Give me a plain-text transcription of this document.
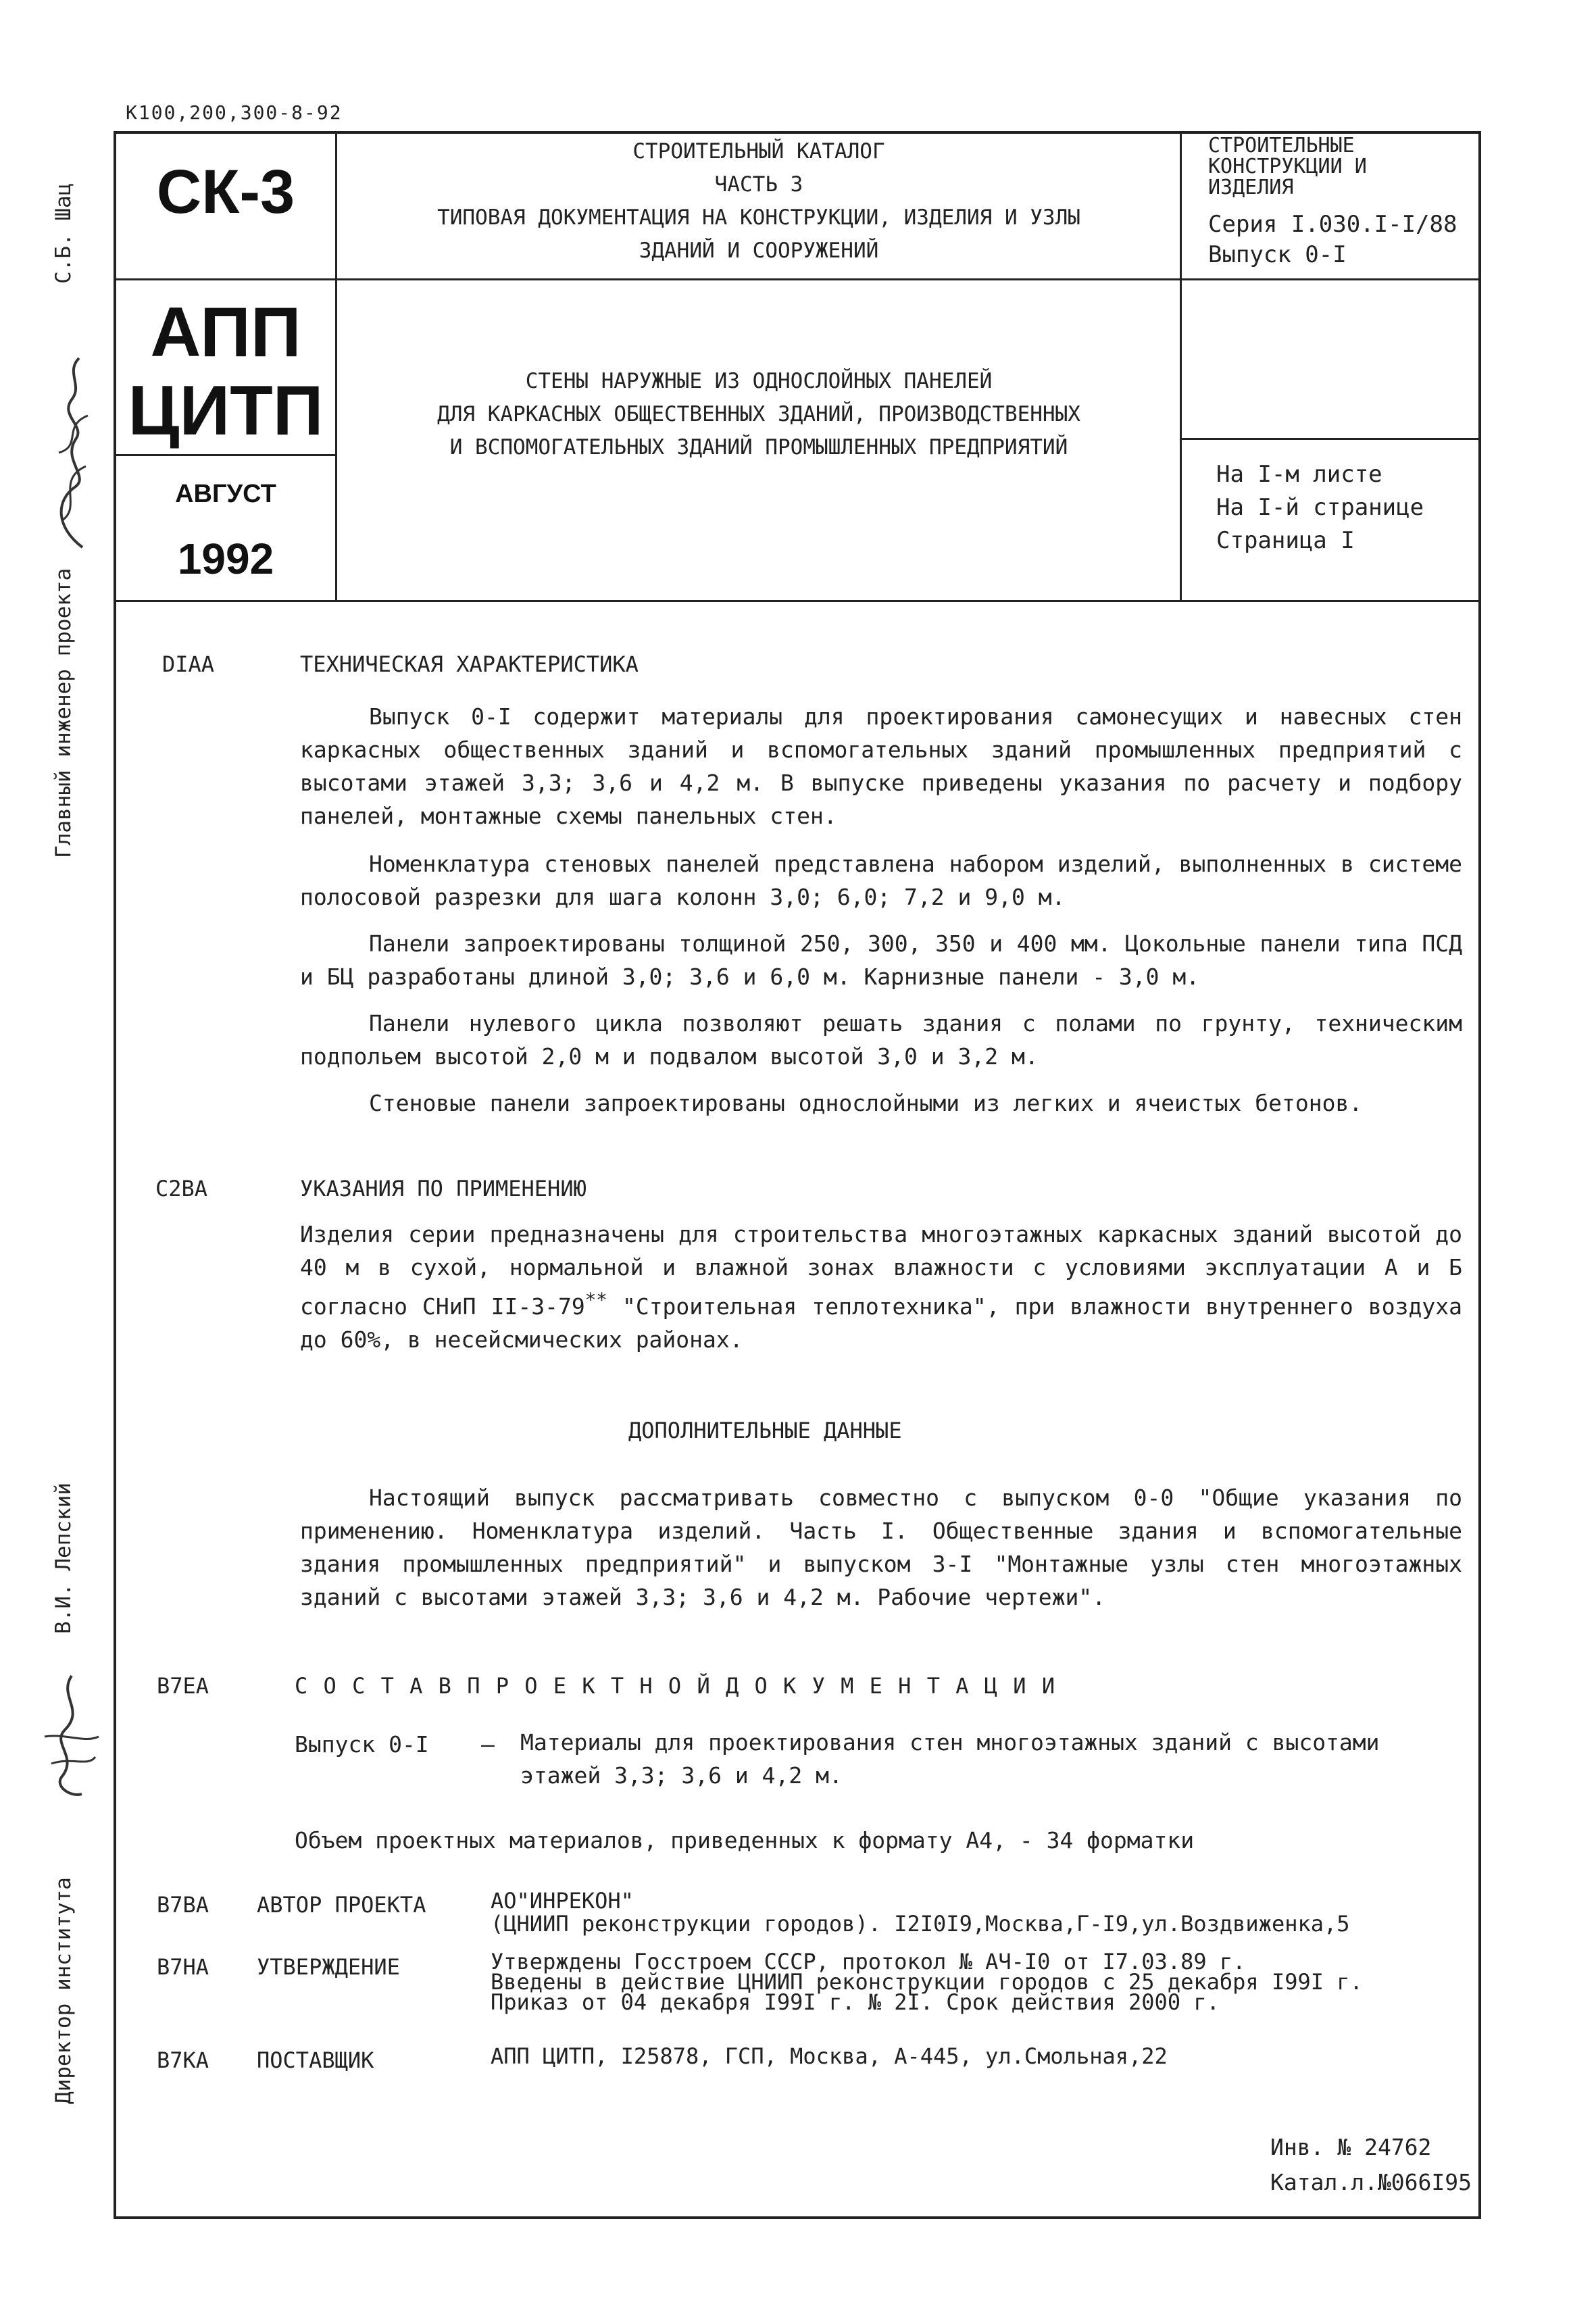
К100,200,300-8-92
СК-3
АПП
ЦИТП
АВГУСТ
1992
СТРОИТЕЛЬНЫЙ КАТАЛОГ
ЧАСТЬ 3
ТИПОВАЯ ДОКУМЕНТАЦИЯ НА КОНСТРУКЦИИ, ИЗДЕЛИЯ И УЗЛЫ
ЗДАНИЙ И СООРУЖЕНИЙ
СТЕНЫ НАРУЖНЫЕ ИЗ ОДНОСЛОЙНЫХ ПАНЕЛЕЙ
ДЛЯ КАРКАСНЫХ ОБЩЕСТВЕННЫХ ЗДАНИЙ, ПРОИЗВОДСТВЕННЫХ
И ВСПОМОГАТЕЛЬНЫХ ЗДАНИЙ ПРОМЫШЛЕННЫХ ПРЕДПРИЯТИЙ
СТРОИТЕЛЬНЫЕ
КОНСТРУКЦИИ И
ИЗДЕЛИЯ
Серия I.030.I-I/88
Выпуск 0-I
На I-м листе
На I-й странице
Страница I
Главный инженер проекта
С.Б. Шац
Директор института
В.И. Лепский
DIAA	ТЕХНИЧЕСКАЯ ХАРАКТЕРИСТИКА
Выпуск 0-I содержит материалы для проектирования самонесущих и навесных стен каркасных общественных зданий и вспомогательных зданий промышленных предприятий с высотами этажей 3,3; 3,6 и 4,2 м. В выпуске приведены указания по расчету и подбору панелей, монтажные схемы панельных стен.
Номенклатура стеновых панелей представлена набором изделий, выполненных в системе полосовой разрезки для шага колонн 3,0; 6,0; 7,2 и 9,0 м.
Панели запроектированы толщиной 250, 300, 350 и 400 мм. Цокольные панели типа ПСД и БЦ разработаны длиной 3,0; 3,6 и 6,0 м. Карнизные панели - 3,0 м.
Панели нулевого цикла позволяют решать здания с полами по грунту, техническим подпольем высотой 2,0 м и подвалом высотой 3,0 и 3,2 м.
Стеновые панели запроектированы однослойными из легких и ячеистых бетонов.
C2BA	УКАЗАНИЯ ПО ПРИМЕНЕНИЮ
Изделия серии предназначены для строительства многоэтажных каркасных зданий высотой до 40 м в сухой, нормальной и влажной зонах влажности с условиями эксплуатации А и Б согласно СНиП II-3-79** "Строительная теплотехника", при влажности внутреннего воздуха до 60%, в несейсмических районах.
ДОПОЛНИТЕЛЬНЫЕ ДАННЫЕ
Настоящий выпуск рассматривать совместно с выпуском 0-0 "Общие указания по применению. Номенклатура изделий. Часть I. Общественные здания и вспомогательные здания промышленных предприятий" и выпуском 3-I "Монтажные узлы стен многоэтажных зданий с высотами этажей 3,3; 3,6 и 4,2 м. Рабочие чертежи".
B7EA	С О С Т А В П Р О Е К Т Н О Й Д О К У М Е Н Т А Ц И И
Выпуск 0-I – Материалы для проектирования стен многоэтажных зданий с высотами этажей 3,3; 3,6 и 4,2 м.
Объем проектных материалов, приведенных к формату А4, - 34 форматки
B7BA АВТОР ПРОЕКТА	АО"ИНРЕКОН"
(ЦНИИП реконструкции городов). I2I0I9,Москва,Г-I9,ул.Воздвиженка,5
B7HA УТВЕРЖДЕНИЕ	Утверждены Госстроем СССР, протокол № АЧ-I0 от I7.03.89 г.
Введены в действие ЦНИИП реконструкции городов с 25 декабря I99I г.
Приказ от 04 декабря I99I г. № 2I. Срок действия 2000 г.
B7KA ПОСТАВЩИК	АПП ЦИТП, I25878, ГСП, Москва, А-445, ул.Смольная,22
Инв. № 24762
Катал.л.№066I95
